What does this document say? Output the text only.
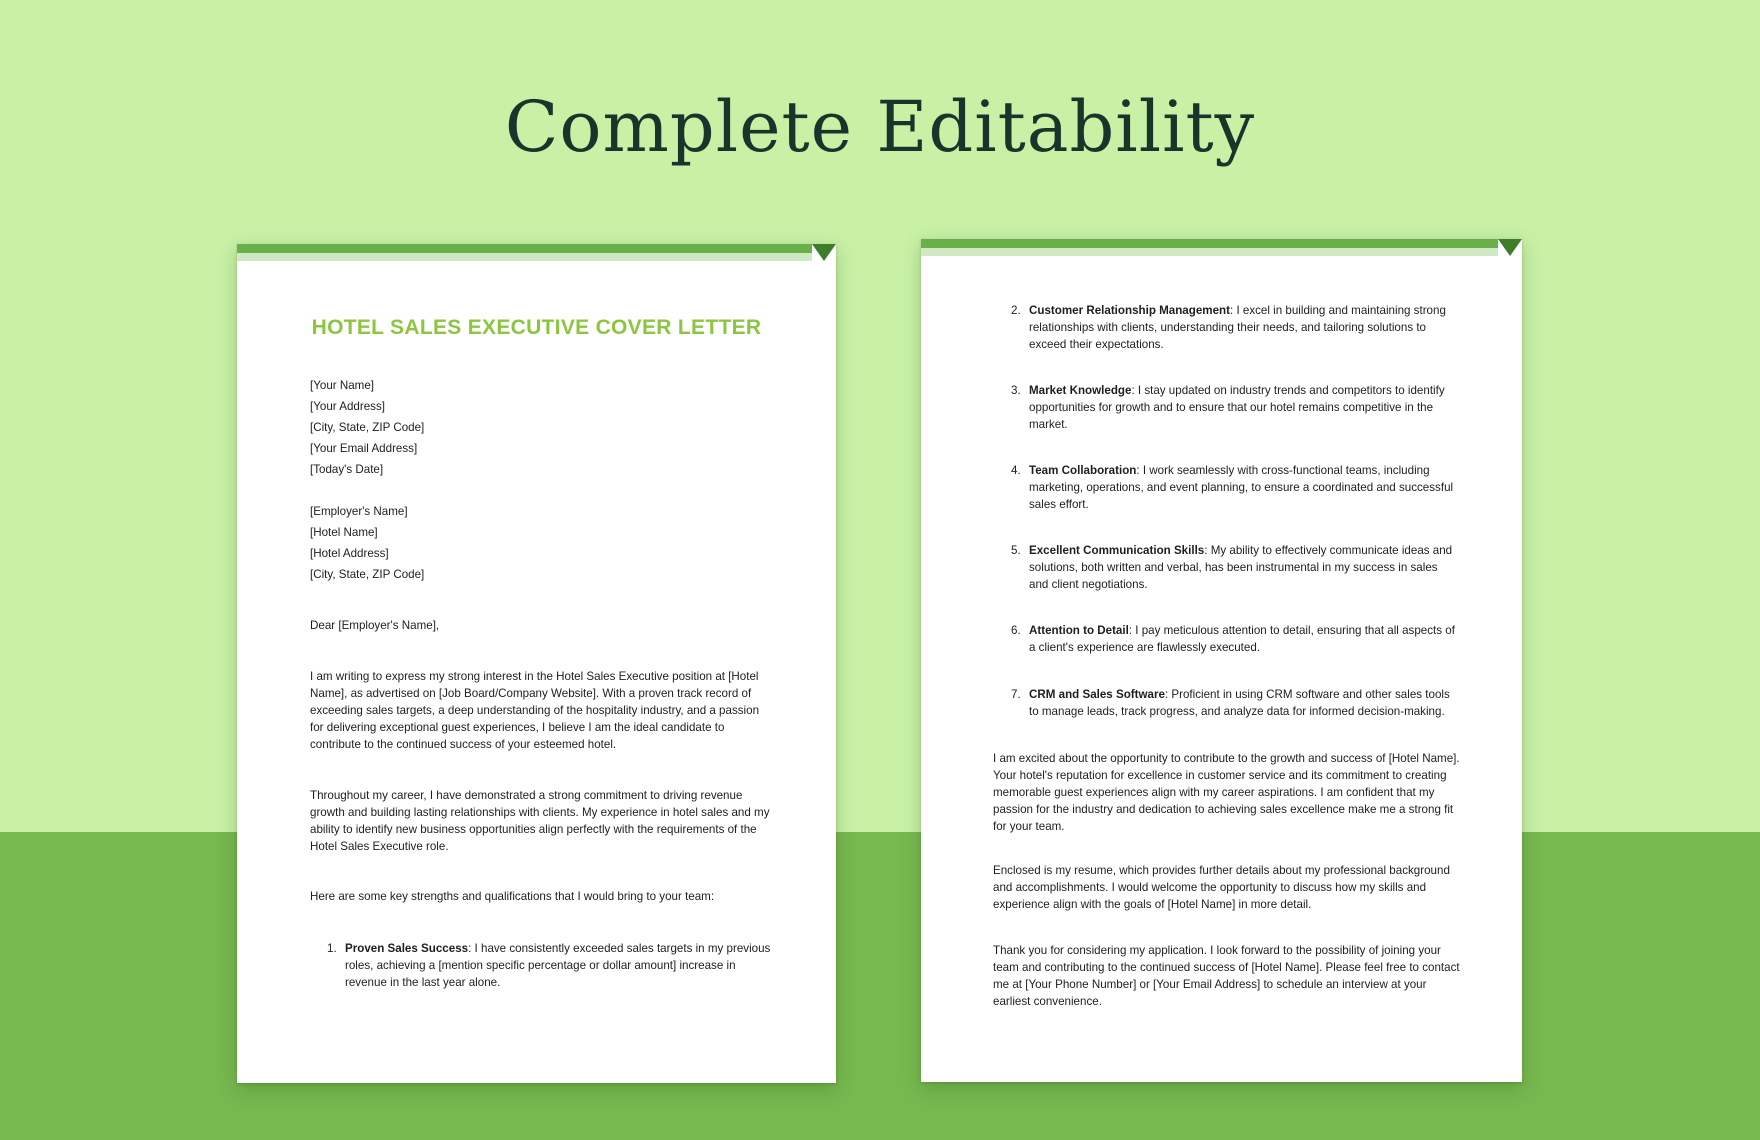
Complete Editability
HOTEL SALES EXECUTIVE COVER LETTER
[Your Name]
[Your Address]
[City, State, ZIP Code]
[Your Email Address]
[Today's Date]
[Employer's Name]
[Hotel Name]
[Hotel Address]
[City, State, ZIP Code]
Dear [Employer's Name],
I am writing to express my strong interest in the Hotel Sales Executive position at [Hotel Name], as advertised on [Job Board/Company Website]. With a proven track record of exceeding sales targets, a deep understanding of the hospitality industry, and a passion for delivering exceptional guest experiences, I believe I am the ideal candidate to contribute to the continued success of your esteemed hotel.
Throughout my career, I have demonstrated a strong commitment to driving revenue growth and building lasting relationships with clients. My experience in hotel sales and my ability to identify new business opportunities align perfectly with the requirements of the Hotel Sales Executive role.
Here are some key strengths and qualifications that I would bring to your team:
1. Proven Sales Success: I have consistently exceeded sales targets in my previous roles, achieving a [mention specific percentage or dollar amount] increase in revenue in the last year alone.
2. Customer Relationship Management: I excel in building and maintaining strong relationships with clients, understanding their needs, and tailoring solutions to exceed their expectations.
3. Market Knowledge: I stay updated on industry trends and competitors to identify opportunities for growth and to ensure that our hotel remains competitive in the market.
4. Team Collaboration: I work seamlessly with cross-functional teams, including marketing, operations, and event planning, to ensure a coordinated and successful sales effort.
5. Excellent Communication Skills: My ability to effectively communicate ideas and solutions, both written and verbal, has been instrumental in my success in sales and client negotiations.
6. Attention to Detail: I pay meticulous attention to detail, ensuring that all aspects of a client's experience are flawlessly executed.
7. CRM and Sales Software: Proficient in using CRM software and other sales tools to manage leads, track progress, and analyze data for informed decision-making.
I am excited about the opportunity to contribute to the growth and success of [Hotel Name]. Your hotel's reputation for excellence in customer service and its commitment to creating memorable guest experiences align with my career aspirations. I am confident that my passion for the industry and dedication to achieving sales excellence make me a strong fit for your team.
Enclosed is my resume, which provides further details about my professional background and accomplishments. I would welcome the opportunity to discuss how my skills and experience align with the goals of [Hotel Name] in more detail.
Thank you for considering my application. I look forward to the possibility of joining your team and contributing to the continued success of [Hotel Name]. Please feel free to contact me at [Your Phone Number] or [Your Email Address] to schedule an interview at your earliest convenience.
